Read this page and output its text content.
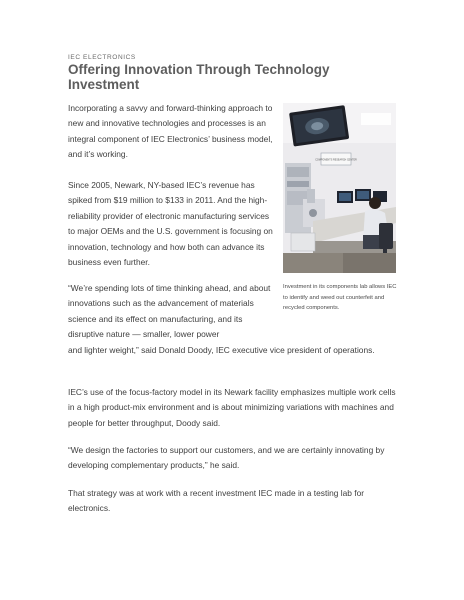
IEC ELECTRONICS
Offering Innovation Through Technology Investment

Incorporating a savvy and forward-thinking approach to new and innovative technologies and processes is an integral component of IEC Electronics’ business model, and it’s working.

Since 2005, Newark, NY-based IEC’s revenue has spiked from $19 million to $133 in 2011. And the high-reliability provider of electronic manufacturing services to major OEMs and the U.S. government is focusing on innovation, technology and how both can advance its business even further.

“We’re spending lots of time thinking ahead, and about innovations such as the advancement of materials science and its effect on manufacturing, and its disruptive nature — smaller, lower power

and lighter weight,” said Donald Doody, IEC executive vice president of operations.

IEC’s use of the focus-factory model in its Newark facility emphasizes multiple work cells in a high product-mix environment and is about minimizing variations with machines and people for better throughput, Doody said.

“We design the factories to support our customers, and we are certainly innovating by developing complementary products,” he said.

That strategy was at work with a recent investment IEC made in a testing lab for electronics.

COMPONENTS RESEARCH CENTER

Investment in its components lab allows IEC to identify and weed out counterfeit and recycled components.
